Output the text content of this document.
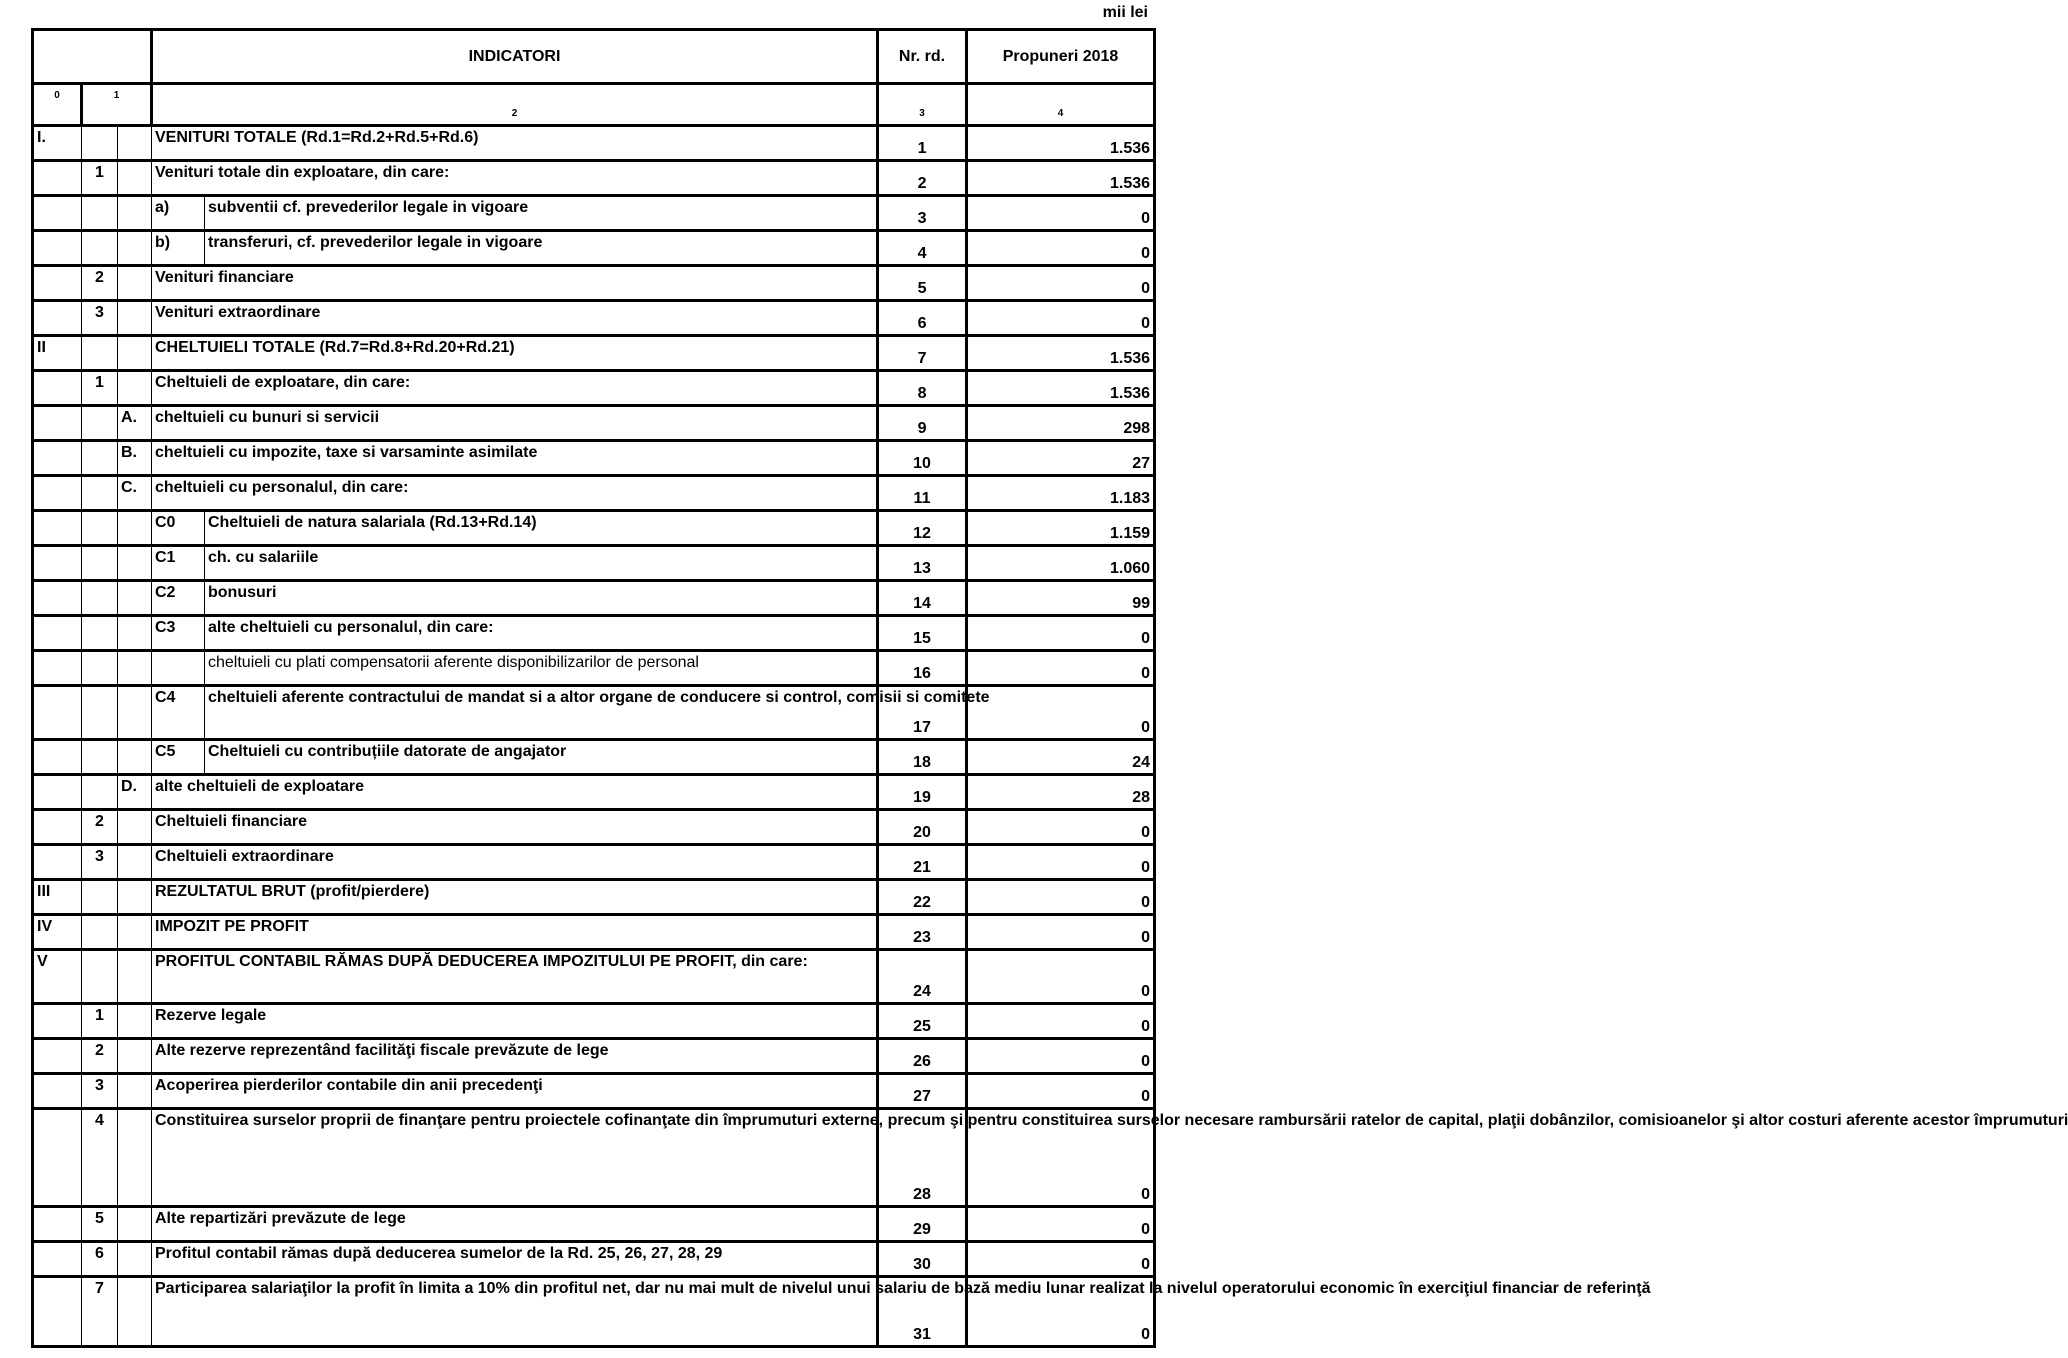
mii lei
			INDICATORI		Nr. rd.	Propuneri 2018
0	1		2		3	4
I.			VENITURI TOTALE (Rd.1=Rd.2+Rd.5+Rd.6)		1	1.536
	1		Venituri totale din exploatare, din care:		2	1.536
			a)	subventii cf. prevederilor legale in vigoare	3	0
			b)	transferuri, cf. prevederilor legale in vigoare	4	0
	2		Venituri financiare		5	0
	3		Venituri extraordinare		6	0
II			CHELTUIELI TOTALE (Rd.7=Rd.8+Rd.20+Rd.21)		7	1.536
	1		Cheltuieli de exploatare, din care:		8	1.536
		A.	cheltuieli cu bunuri si servicii		9	298
		B.	cheltuieli cu impozite, taxe si varsaminte asimilate		10	27
		C.	cheltuieli cu personalul, din care:		11	1.183
			C0	Cheltuieli de natura salariala (Rd.13+Rd.14)	12	1.159
			C1	ch. cu salariile	13	1.060
			C2	bonusuri	14	99
			C3	alte cheltuieli cu personalul, din care:	15	0
				cheltuieli cu plati compensatorii aferente disponibilizarilor de personal	16	0
			C4	cheltuieli aferente contractului de mandat si a altor organe de conducere si control, comisii si comitete	17	0
			C5	Cheltuieli cu contribuțiile datorate de angajator	18	24
		D.	alte cheltuieli de exploatare		19	28
	2		Cheltuieli financiare		20	0
	3		Cheltuieli extraordinare		21	0
III			REZULTATUL BRUT (profit/pierdere)		22	0
IV			IMPOZIT PE PROFIT		23	0
V			PROFITUL CONTABIL RĂMAS DUPĂ DEDUCEREA IMPOZITULUI PE PROFIT, din care:		24	0
	1		Rezerve legale		25	0
	2		Alte rezerve reprezentând facilităţi fiscale prevăzute de lege		26	0
	3		Acoperirea pierderilor contabile din anii precedenţi		27	0
	4		Constituirea surselor proprii de finanţare pentru proiectele cofinanţate din împrumuturi externe, precum şi pentru constituirea surselor necesare rambursării ratelor de capital, plaţii dobânzilor, comisioanelor şi altor costuri aferente acestor împrumuturi		28	0
	5		Alte repartizări prevăzute de lege		29	0
	6		Profitul contabil rămas după deducerea sumelor de la Rd. 25, 26, 27, 28, 29		30	0
	7		Participarea salariaţilor la profit în limita a 10% din profitul net, dar nu mai mult de nivelul unui salariu de bază mediu lunar realizat la nivelul operatorului economic în exerciţiul financiar de referinţă		31	0
